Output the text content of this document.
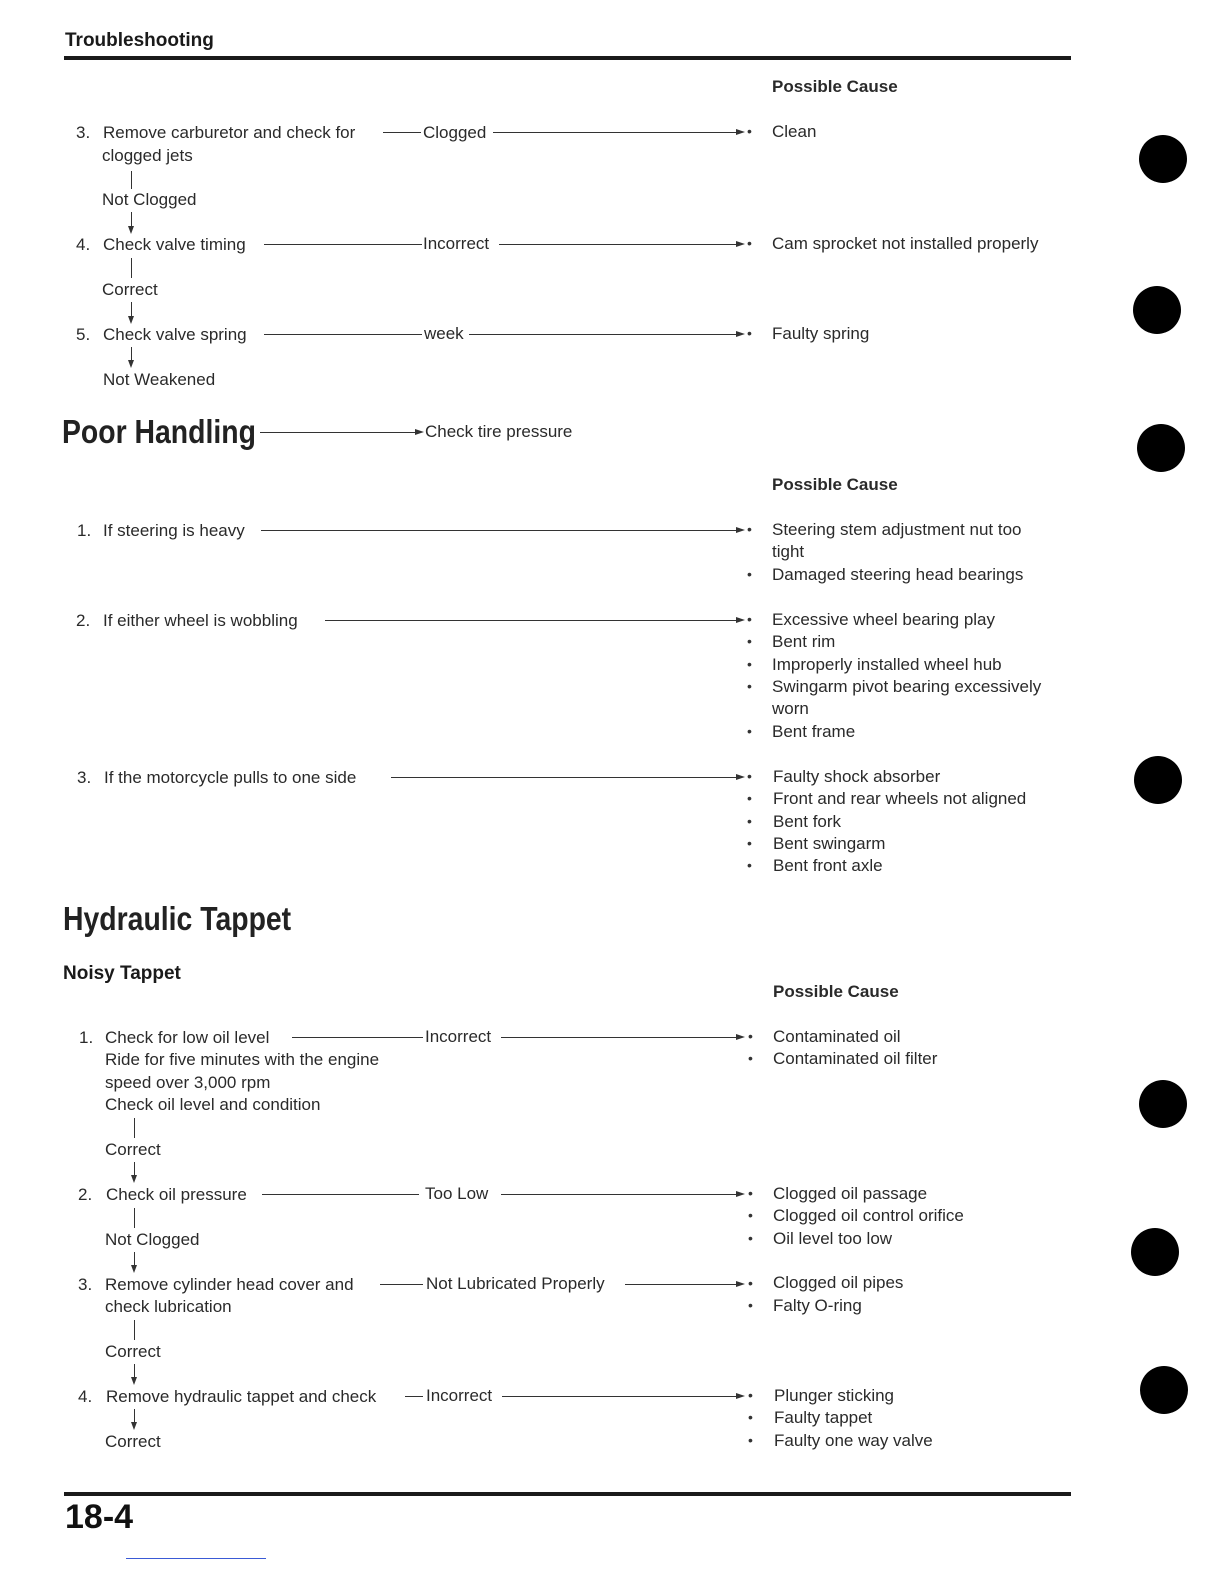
Troubleshooting
Possible Cause
3. Remove carburetor and check for	Clogged	• Clean
clogged jets
Not Clogged
4. Check valve timing	Incorrect	• Cam sprocket not installed properly
Correct
5. Check valve spring	week	• Faulty spring
Not Weakened
Poor Handling	Check tire pressure
Possible Cause
1. If steering is heavy	• Steering stem adjustment nut too
tight
• Damaged steering head bearings
2. If either wheel is wobbling	• Excessive wheel bearing play
• Bent rim
• Improperly installed wheel hub
• Swingarm pivot bearing excessively
worn
• Bent frame
3. If the motorcycle pulls to one side	• Faulty shock absorber
• Front and rear wheels not aligned
• Bent fork
• Bent swingarm
• Bent front axle
Hydraulic Tappet
Noisy Tappet
Possible Cause
1. Check for low oil level	Incorrect	• Contaminated oil
Ride for five minutes with the engine	• Contaminated oil filter
speed over 3,000 rpm
Check oil level and condition
Correct
2. Check oil pressure	Too Low	• Clogged oil passage
• Clogged oil control orifice
Not Clogged	• Oil level too low
3. Remove cylinder head cover and	Not Lubricated Properly	• Clogged oil pipes
check lubrication	• Falty O-ring
Correct
4. Remove hydraulic tappet and check	Incorrect	• Plunger sticking
• Faulty tappet
Correct	• Faulty one way valve
18-4
